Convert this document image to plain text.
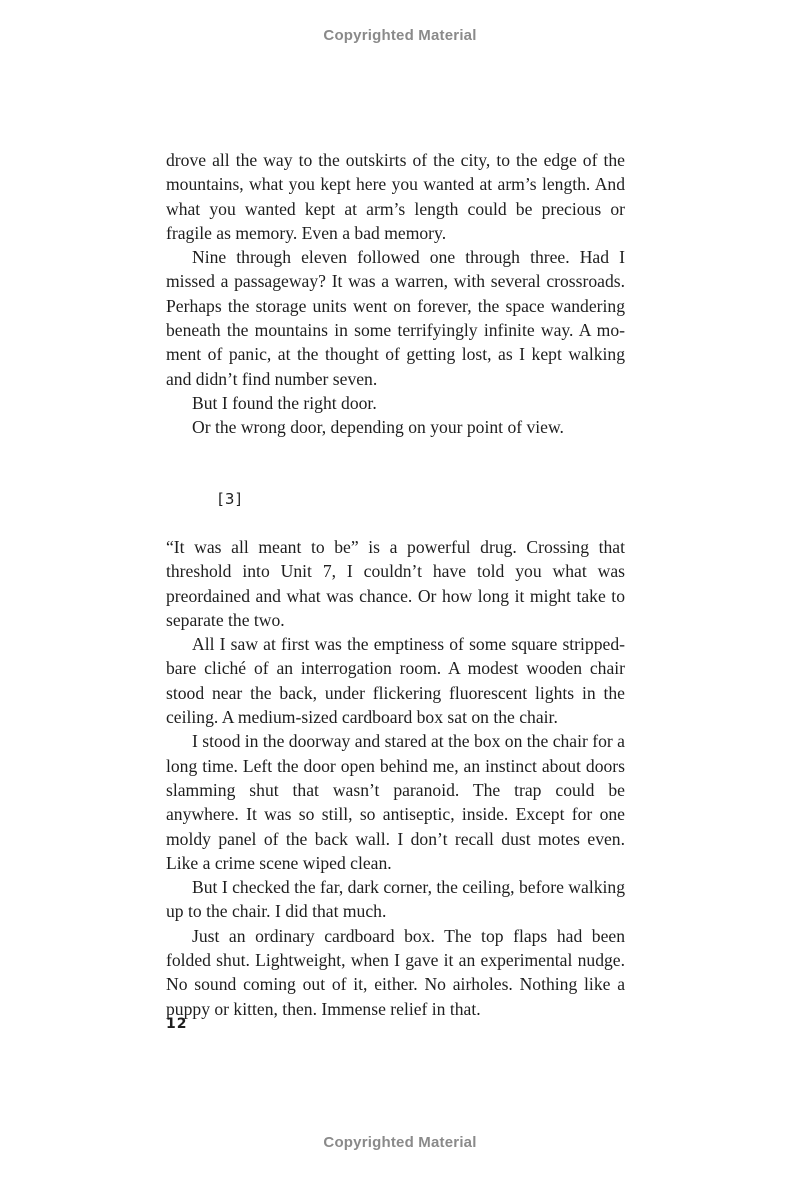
Copyrighted Material

drove all the way to the outskirts of the city, to the edge of the mountains, what you kept here you wanted at arm’s length. And what you wanted kept at arm’s length could be precious or fragile as memory. Even a bad memory.

Nine through eleven followed one through three. Had I missed a passageway? It was a warren, with several crossroads. Perhaps the storage units went on forever, the space wandering beneath the mountains in some terrifyingly infinite way. A moment of panic, at the thought of getting lost, as I kept walking and didn’t find number seven.

But I found the right door.

Or the wrong door, depending on your point of view.

[3]

“It was all meant to be” is a powerful drug. Crossing that threshold into Unit 7, I couldn’t have told you what was preordained and what was chance. Or how long it might take to separate the two.

All I saw at first was the emptiness of some square stripped-bare cliché of an interrogation room. A modest wooden chair stood near the back, under flickering fluorescent lights in the ceiling. A medium-sized cardboard box sat on the chair.

I stood in the doorway and stared at the box on the chair for a long time. Left the door open behind me, an instinct about doors slamming shut that wasn’t paranoid. The trap could be anywhere. It was so still, so antiseptic, inside. Except for one moldy panel of the back wall. I don’t recall dust motes even. Like a crime scene wiped clean.

But I checked the far, dark corner, the ceiling, before walking up to the chair. I did that much.

Just an ordinary cardboard box. The top flaps had been folded shut. Lightweight, when I gave it an experimental nudge. No sound coming out of it, either. No airholes. Nothing like a puppy or kitten, then. Immense relief in that.

12
Copyrighted Material
